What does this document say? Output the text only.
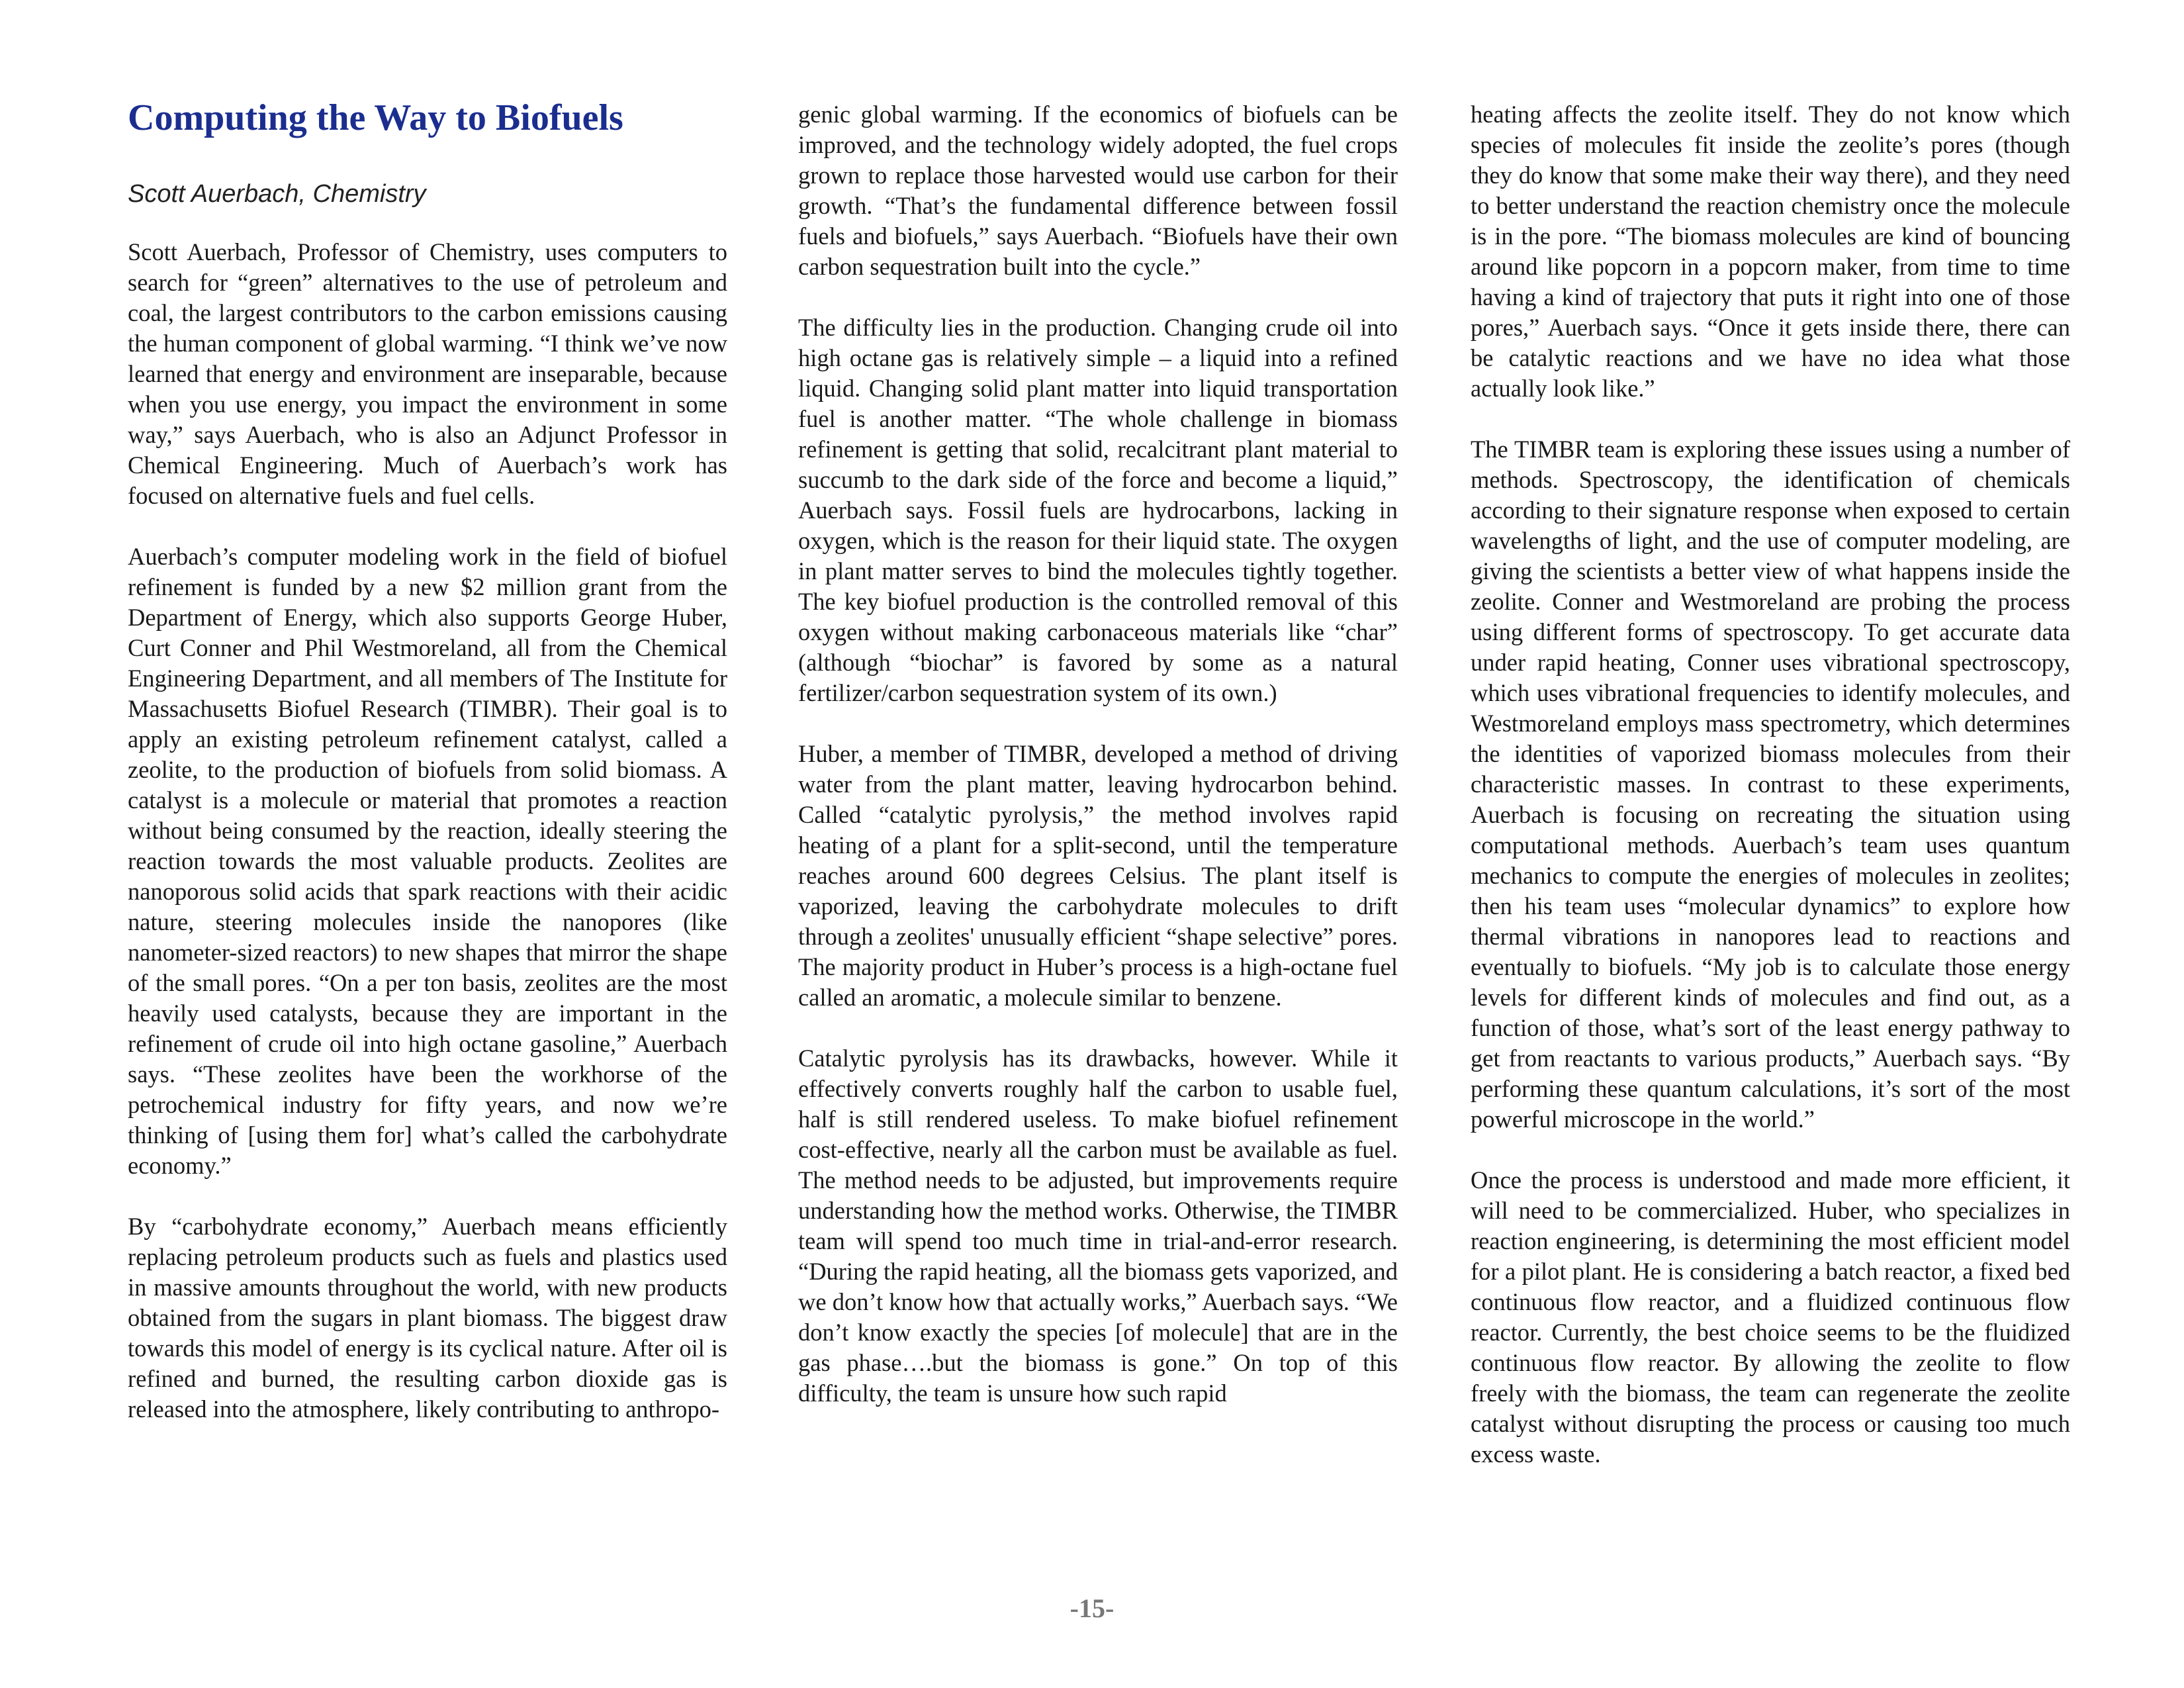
Computing the Way to Biofuels
Scott Auerbach, Chemistry

Scott Auerbach, Professor of Chemistry, uses computers to search for “green” alternatives to the use of petroleum and coal, the largest contributors to the carbon emissions causing the human component of global warming. “I think we’ve now learned that energy and environment are inseparable, because when you use energy, you impact the environment in some way,” says Auerbach, who is also an Adjunct Professor in Chemical Engineering. Much of Auerbach’s work has focused on alternative fuels and fuel cells.

Auerbach’s computer modeling work in the field of biofuel refinement is funded by a new $2 million grant from the Department of Energy, which also supports George Huber, Curt Conner and Phil Westmoreland, all from the Chemical Engineering Department, and all members of The Institute for Massachusetts Biofuel Research (TIMBR). Their goal is to apply an existing petroleum refinement catalyst, called a zeolite, to the production of biofuels from solid biomass. A catalyst is a molecule or material that promotes a reaction without being consumed by the reaction, ideally steering the reaction towards the most valuable products. Zeolites are nanoporous solid acids that spark reactions with their acidic nature, steering molecules inside the nanopores (like nanometer-sized reactors) to new shapes that mirror the shape of the small pores. “On a per ton basis, zeolites are the most heavily used catalysts, because they are important in the refinement of crude oil into high octane gasoline,” Auerbach says. “These zeolites have been the workhorse of the petrochemical industry for fifty years, and now we’re thinking of [using them for] what’s called the carbohydrate economy.”

By “carbohydrate economy,” Auerbach means efficiently replacing petroleum products such as fuels and plastics used in massive amounts throughout the world, with new products obtained from the sugars in plant biomass. The biggest draw towards this model of energy is its cyclical nature. After oil is refined and burned, the resulting carbon dioxide gas is released into the atmosphere, likely contributing to anthropo-

genic global warming. If the economics of biofuels can be improved, and the technology widely adopted, the fuel crops grown to replace those harvested would use carbon for their growth. “That’s the fundamental difference between fossil fuels and biofuels,” says Auerbach. “Biofuels have their own carbon sequestration built into the cycle.”

The difficulty lies in the production. Changing crude oil into high octane gas is relatively simple – a liquid into a refined liquid. Changing solid plant matter into liquid transportation fuel is another matter. “The whole challenge in biomass refinement is getting that solid, recalcitrant plant material to succumb to the dark side of the force and become a liquid,” Auerbach says. Fossil fuels are hydrocarbons, lacking in oxygen, which is the reason for their liquid state. The oxygen in plant matter serves to bind the molecules tightly together. The key biofuel production is the controlled removal of this oxygen without making carbonaceous materials like “char” (although “biochar” is favored by some as a natural fertilizer/carbon sequestration system of its own.)

Huber, a member of TIMBR, developed a method of driving water from the plant matter, leaving hydrocarbon behind. Called “catalytic pyrolysis,” the method involves rapid heating of a plant for a split-second, until the temperature reaches around 600 degrees Celsius. The plant itself is vaporized, leaving the carbohydrate molecules to drift through a zeolites' unusually efficient “shape selective” pores. The majority product in Huber’s process is a high-octane fuel called an aromatic, a molecule similar to benzene.

Catalytic pyrolysis has its drawbacks, however. While it effectively converts roughly half the carbon to usable fuel, half is still rendered useless. To make biofuel refinement cost-effective, nearly all the carbon must be available as fuel. The method needs to be adjusted, but improvements require understanding how the method works. Otherwise, the TIMBR team will spend too much time in trial-and-error research. “During the rapid heating, all the biomass gets vaporized, and we don’t know how that actually works,” Auerbach says. “We don’t know exactly the species [of molecule] that are in the gas phase….but the biomass is gone.” On top of this difficulty, the team is unsure how such rapid

heating affects the zeolite itself. They do not know which species of molecules fit inside the zeolite’s pores (though they do know that some make their way there), and they need to better understand the reaction chemistry once the molecule is in the pore. “The biomass molecules are kind of bouncing around like popcorn in a popcorn maker, from time to time having a kind of trajectory that puts it right into one of those pores,” Auerbach says. “Once it gets inside there, there can be catalytic reactions and we have no idea what those actually look like.”

The TIMBR team is exploring these issues using a number of methods. Spectroscopy, the identification of chemicals according to their signature response when exposed to certain wavelengths of light, and the use of computer modeling, are giving the scientists a better view of what happens inside the zeolite. Conner and Westmoreland are probing the process using different forms of spectroscopy. To get accurate data under rapid heating, Conner uses vibrational spectroscopy, which uses vibrational frequencies to identify molecules, and Westmoreland employs mass spectrometry, which determines the identities of vaporized biomass molecules from their characteristic masses. In contrast to these experiments, Auerbach is focusing on recreating the situation using computational methods. Auerbach’s team uses quantum mechanics to compute the energies of molecules in zeolites; then his team uses “molecular dynamics” to explore how thermal vibrations in nanopores lead to reactions and eventually to biofuels. “My job is to calculate those energy levels for different kinds of molecules and find out, as a function of those, what’s sort of the least energy pathway to get from reactants to various products,” Auerbach says. “By performing these quantum calculations, it’s sort of the most powerful microscope in the world.”

Once the process is understood and made more efficient, it will need to be commercialized. Huber, who specializes in reaction engineering, is determining the most efficient model for a pilot plant. He is considering a batch reactor, a fixed bed continuous flow reactor, and a fluidized continuous flow reactor. Currently, the best choice seems to be the fluidized continuous flow reactor. By allowing the zeolite to flow freely with the biomass, the team can regenerate the zeolite catalyst without disrupting the process or causing too much excess waste.

-15-
